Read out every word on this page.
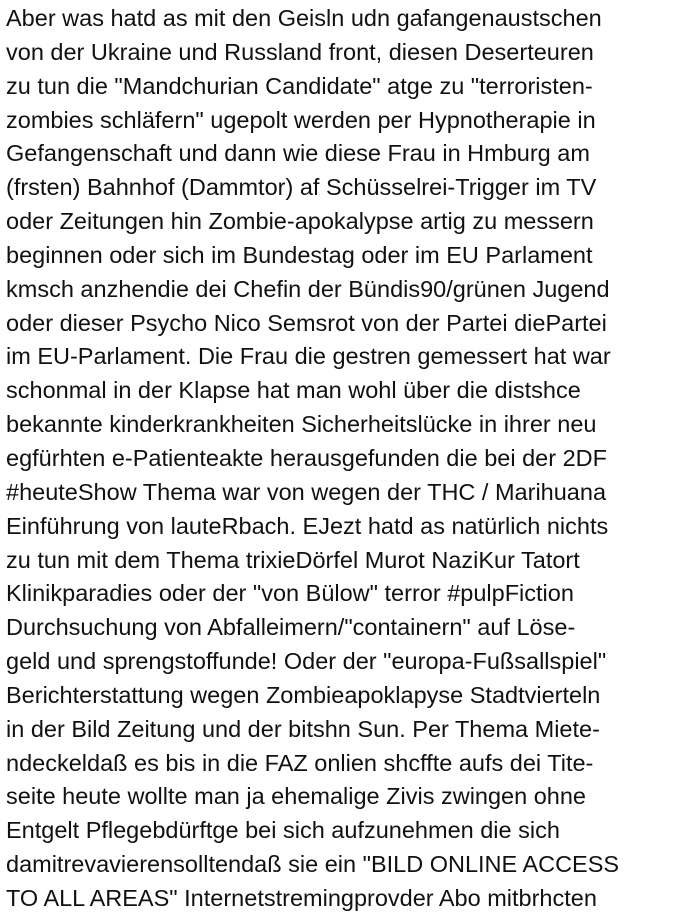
Aber was hatd as mit den Geisln udn gafangenaustschen
von der Ukraine und Russland front, diesen Deserteuren
zu tun die "Mandchurian Candidate" atge zu "terroristen-
zombies schläfern" ugepolt werden per Hypnotherapie in
Gefangenschaft und dann wie diese Frau in Hmburg am
(frsten) Bahnhof (Dammtor) af Schüsselrei-Trigger im TV
oder Zeitungen hin Zombie-apokalypse artig zu messern
beginnen oder sich im Bundestag oder im EU Parlament
kmsch anzhendie dei Chefin der Bündis90/grünen Jugend
oder dieser Psycho Nico Semsrot von der Partei diePartei
im EU-Parlament. Die Frau die gestren gemessert hat war
schonmal in der Klapse hat man wohl über die distshce
bekannte kinderkrankheiten Sicherheitslücke in ihrer neu
egfürhten e-Patienteakte herausgefunden die bei der 2DF
#heuteShow Thema war von wegen der THC / Marihuana
Einführung von lauteRbach. EJezt hatd as natürlich nichts
zu tun mit dem Thema trixieDörfel Murot NaziKur Tatort
Klinikparadies oder der "von Bülow" terror #pulpFiction
Durchsuchung von Abfalleimern/"containern" auf Löse-
geld und sprengstoffunde! Oder der "europa-Fußsallspiel"
Berichterstattung wegen Zombieapoklapyse Stadtvierteln
in der Bild Zeitung und der bitshn Sun. Per Thema Miete-
ndeckeldaß es bis in die FAZ onlien shcffte aufs dei Tite-
seite heute wollte man ja ehemalige Zivis zwingen ohne
Entgelt Pflegebdürftge bei sich aufzunehmen die sich
damitrevavierensolltendaß sie ein "BILD ONLINE ACCESS
TO ALL AREAS" Internetstremingprovder Abo mitbrhcten
